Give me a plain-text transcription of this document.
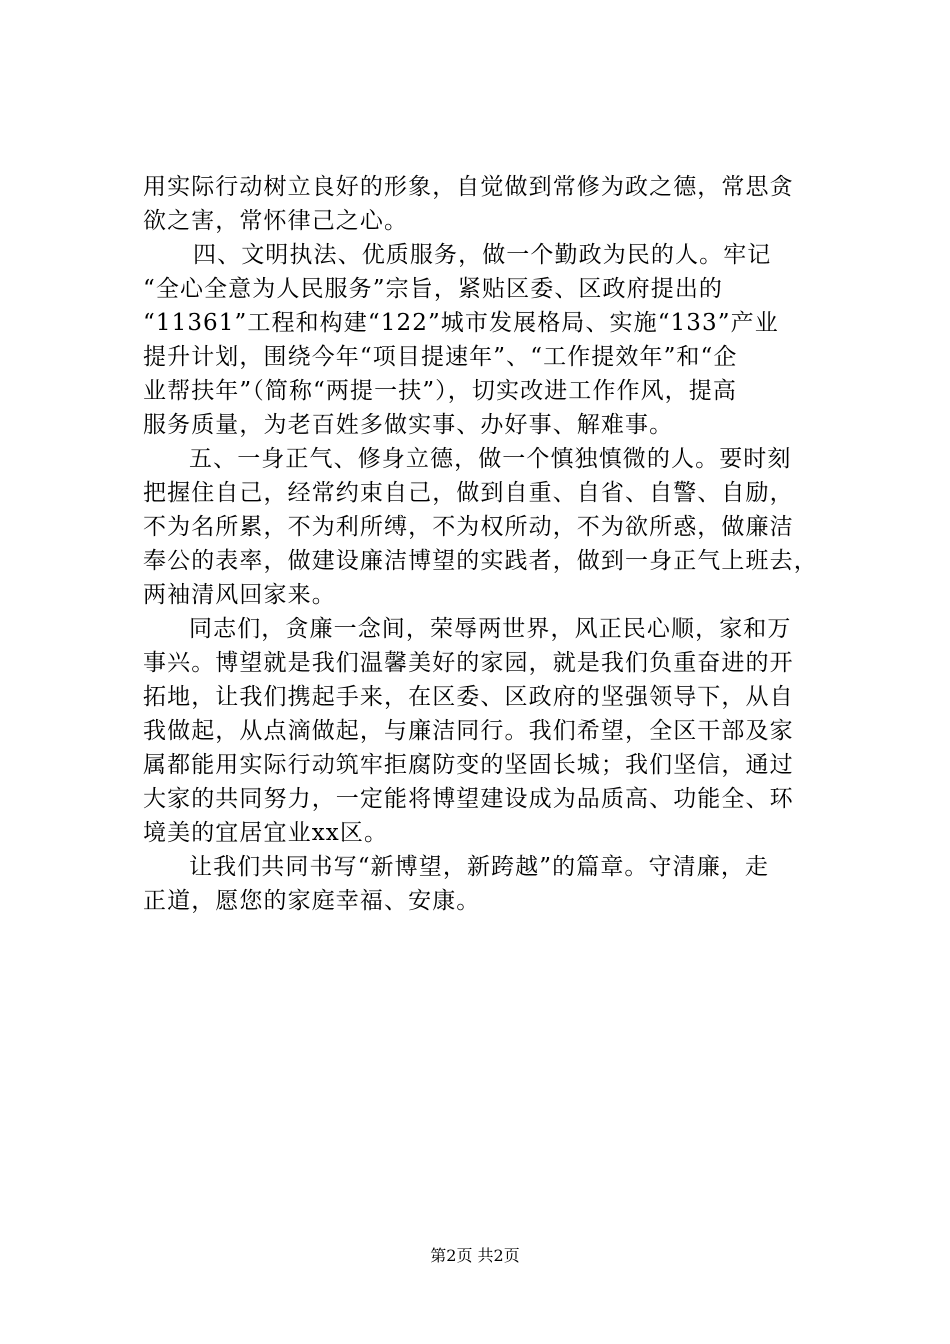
用实际行动树立良好的形象，自觉做到常修为政之德，常思贪
欲之害，常怀律己之心。
四、文明执法、优质服务，做一个勤政为民的人。牢记
“全心全意为人民服务”宗旨，紧贴区委、区政府提出的
“11361”工程和构建“122”城市发展格局、实施“133”产业
提升计划，围绕今年“项目提速年”、“工作提效年”和“企
业帮扶年”（简称“两提一扶”），切实改进工作作风，提高
服务质量，为老百姓多做实事、办好事、解难事。
五、一身正气、修身立德，做一个慎独慎微的人。要时刻
把握住自己，经常约束自己，做到自重、自省、自警、自励，
不为名所累，不为利所缚，不为权所动，不为欲所惑，做廉洁
奉公的表率，做建设廉洁博望的实践者，做到一身正气上班去，
两袖清风回家来。
同志们，贪廉一念间，荣辱两世界，风正民心顺，家和万
事兴。博望就是我们温馨美好的家园，就是我们负重奋进的开
拓地，让我们携起手来，在区委、区政府的坚强领导下，从自
我做起，从点滴做起，与廉洁同行。我们希望，全区干部及家
属都能用实际行动筑牢拒腐防变的坚固长城；我们坚信，通过
大家的共同努力，一定能将博望建设成为品质高、功能全、环
境美的宜居宜业xx区。
让我们共同书写“新博望，新跨越”的篇章。守清廉，走
正道，愿您的家庭幸福、安康。
第2页 共2页
